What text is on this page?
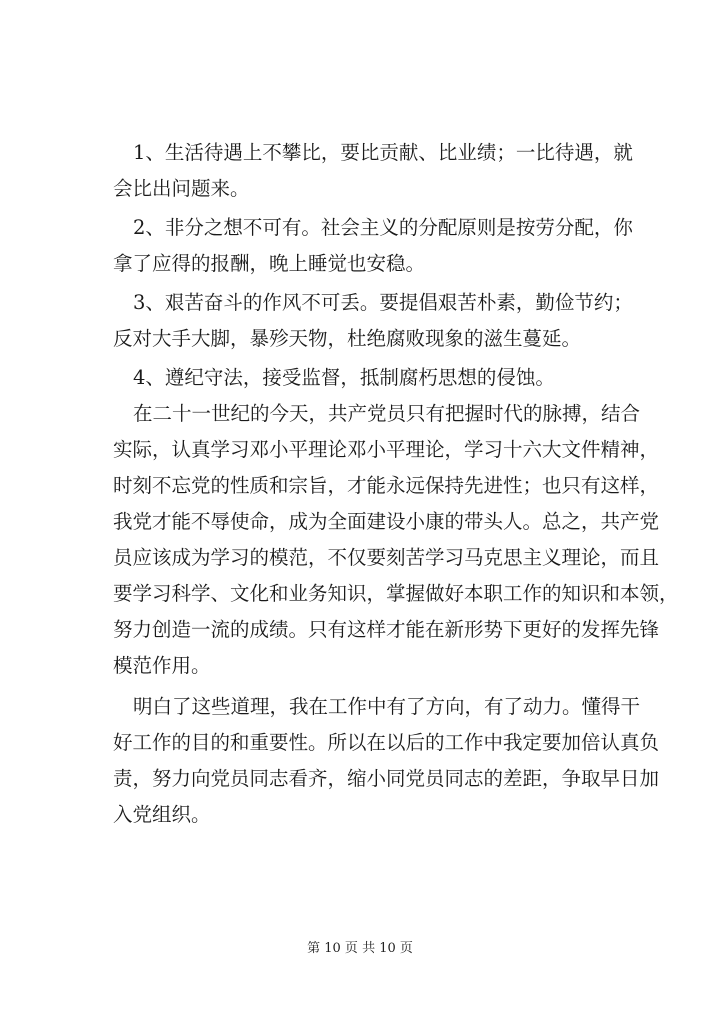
1、生活待遇上不攀比，要比贡献、比业绩；一比待遇，就
会比出问题来。

2、非分之想不可有。社会主义的分配原则是按劳分配，你
拿了应得的报酬，晚上睡觉也安稳。

3、艰苦奋斗的作风不可丢。要提倡艰苦朴素，勤俭节约；
反对大手大脚，暴殄天物，杜绝腐败现象的滋生蔓延。

4、遵纪守法，接受监督，抵制腐朽思想的侵蚀。

在二十一世纪的今天，共产党员只有把握时代的脉搏，结合
实际，认真学习邓小平理论邓小平理论，学习十六大文件精神，
时刻不忘党的性质和宗旨，才能永远保持先进性；也只有这样，
我党才能不辱使命，成为全面建设小康的带头人。总之，共产党
员应该成为学习的模范，不仅要刻苦学习马克思主义理论，而且
要学习科学、文化和业务知识，掌握做好本职工作的知识和本领，
努力创造一流的成绩。只有这样才能在新形势下更好的发挥先锋
模范作用。

明白了这些道理，我在工作中有了方向，有了动力。懂得干
好工作的目的和重要性。所以在以后的工作中我定要加倍认真负
责，努力向党员同志看齐，缩小同党员同志的差距，争取早日加
入党组织。

第 10 页 共 10 页
